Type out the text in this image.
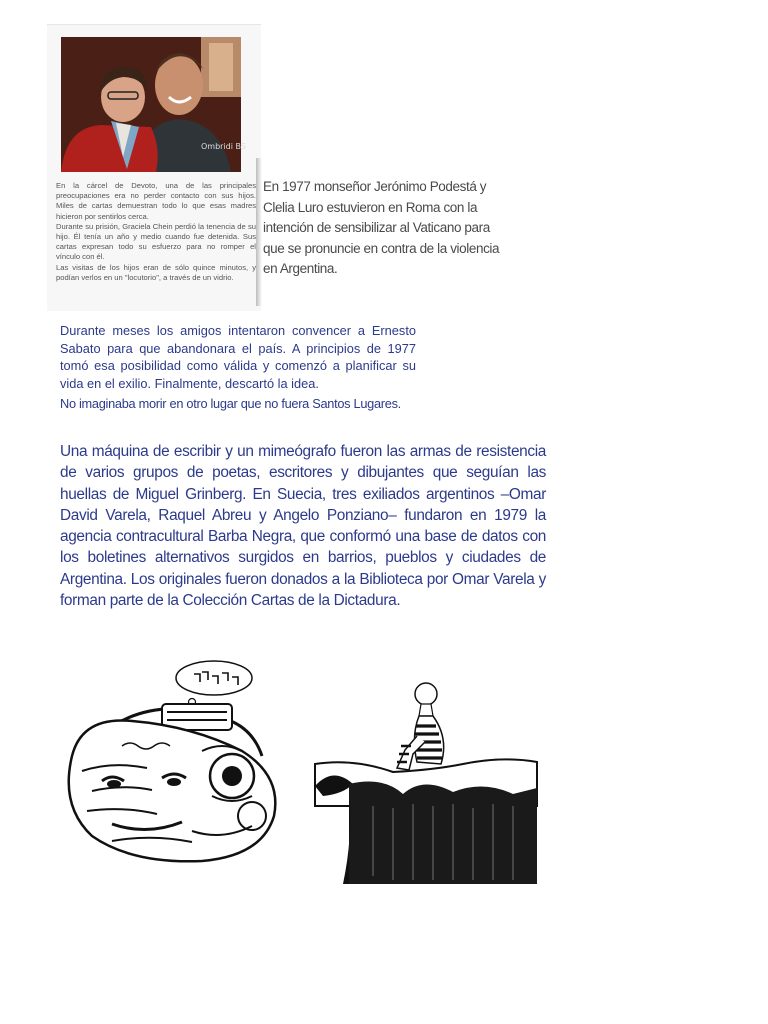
Ombridi BS

En la cárcel de Devoto, una de las principales preocupaciones era no perder contacto con sus hijos. Miles de cartas demuestran todo lo que esas madres hicieron por sentirlos cerca.

Durante su prisión, Graciela Chein perdió la tenencia de su hijo. Él tenía un año y medio cuando fue detenida. Sus cartas expresan todo su esfuerzo para no romper el vínculo con él.

Las visitas de los hijos eran de sólo quince minutos, y podían verlos en un "locutorio", a través de un vidrio.

En 1977 monseñor Jerónimo Podestá y Clelia Luro estuvieron en Roma con la intención de sensibilizar al Vaticano para que se pronuncie en contra de la violencia en Argentina.

Durante meses los amigos intentaron convencer a Ernesto Sabato para que abandonara el país. A principios de 1977 tomó esa posibilidad como válida y comenzó a planificar su vida en el exilio. Finalmente, descartó la idea.

No imaginaba morir en otro lugar que no fuera Santos Lugares.

Una máquina de escribir y un mimeógrafo fueron las armas de resistencia de varios grupos de poetas, escritores y dibujantes que seguían las huellas de Miguel Grinberg. En Suecia, tres exiliados argentinos –Omar David Varela, Raquel Abreu y Angelo Ponziano– fundaron en 1979 la agencia contracultural Barba Negra, que conformó una base de datos con los boletines alternativos surgidos en barrios, pueblos y ciudades de Argentina. Los originales fueron donados a la Biblioteca por Omar Varela y forman parte de la Colección Cartas de la Dictadura.
